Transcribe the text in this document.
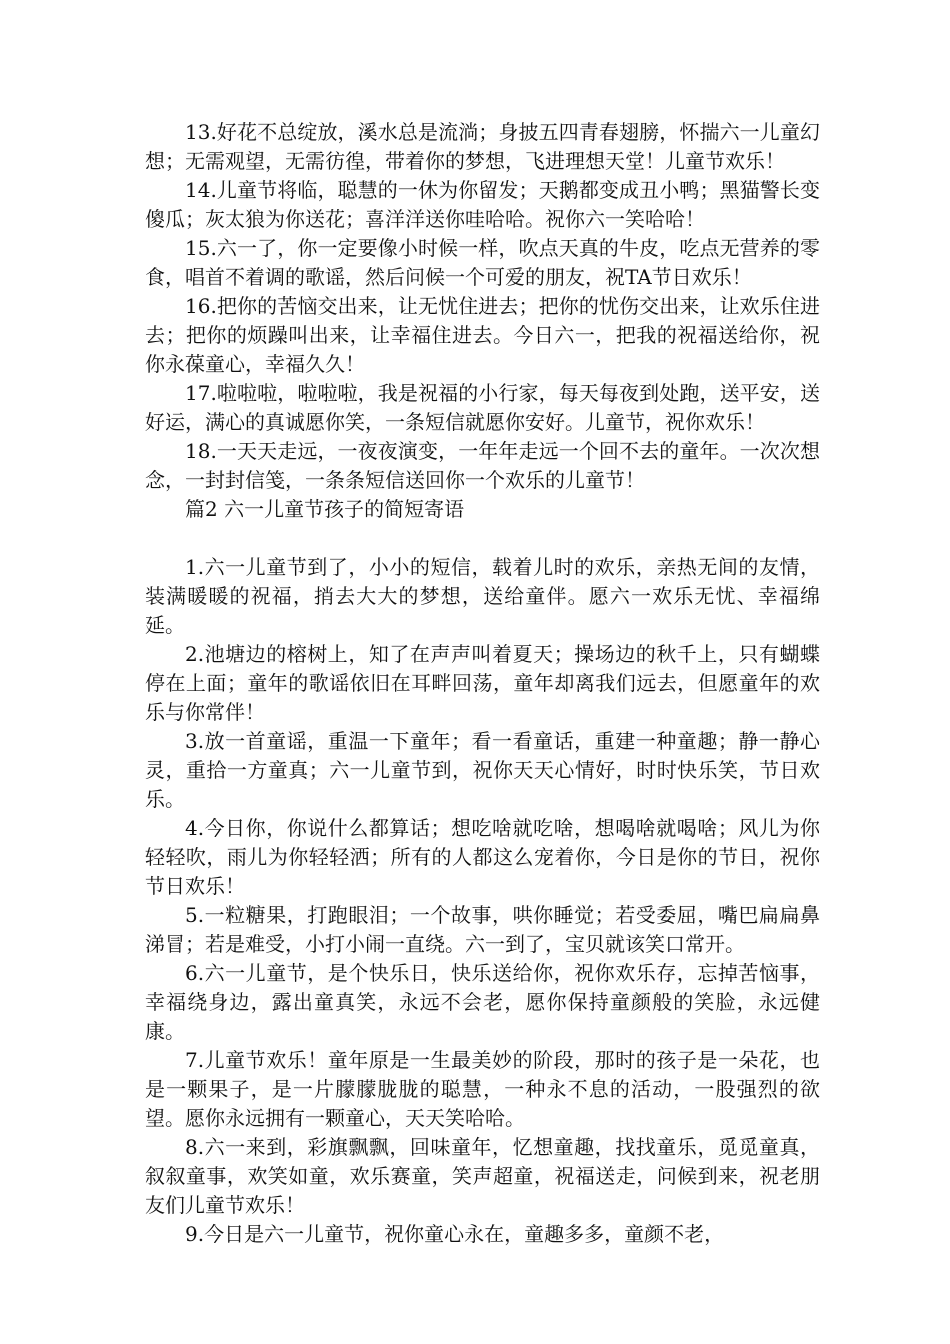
13.好花不总绽放，溪水总是流淌；身披五四青春翅膀，怀揣六一儿童幻想；无需观望，无需彷徨，带着你的梦想，飞进理想天堂！儿童节欢乐！

14.儿童节将临，聪慧的一休为你留发；天鹅都变成丑小鸭；黑猫警长变傻瓜；灰太狼为你送花；喜洋洋送你哇哈哈。祝你六一笑哈哈！

15.六一了，你一定要像小时候一样，吹点天真的牛皮，吃点无营养的零食，唱首不着调的歌谣，然后问候一个可爱的朋友，祝TA节日欢乐！

16.把你的苦恼交出来，让无忧住进去；把你的忧伤交出来，让欢乐住进去；把你的烦躁叫出来，让幸福住进去。今日六一，把我的祝福送给你，祝你永葆童心，幸福久久！

17.啦啦啦，啦啦啦，我是祝福的小行家，每天每夜到处跑，送平安，送好运，满心的真诚愿你笑，一条短信就愿你安好。儿童节，祝你欢乐！

18.一天天走远，一夜夜演变，一年年走远一个回不去的童年。一次次想念，一封封信笺，一条条短信送回你一个欢乐的儿童节！

篇2 六一儿童节孩子的简短寄语

1.六一儿童节到了，小小的短信，载着儿时的欢乐，亲热无间的友情，装满暖暖的祝福，捎去大大的梦想，送给童伴。愿六一欢乐无忧、幸福绵延。

2.池塘边的榕树上，知了在声声叫着夏天；操场边的秋千上，只有蝴蝶停在上面；童年的歌谣依旧在耳畔回荡，童年却离我们远去，但愿童年的欢乐与你常伴！

3.放一首童谣，重温一下童年；看一看童话，重建一种童趣；静一静心灵，重拾一方童真；六一儿童节到，祝你天天心情好，时时快乐笑，节日欢乐。

4.今日你，你说什么都算话；想吃啥就吃啥，想喝啥就喝啥；风儿为你轻轻吹，雨儿为你轻轻洒；所有的人都这么宠着你，今日是你的节日，祝你节日欢乐！

5.一粒糖果，打跑眼泪；一个故事，哄你睡觉；若受委屈，嘴巴扁扁鼻涕冒；若是难受，小打小闹一直绕。六一到了，宝贝就该笑口常开。

6.六一儿童节，是个快乐日，快乐送给你，祝你欢乐存，忘掉苦恼事，幸福绕身边，露出童真笑，永远不会老，愿你保持童颜般的笑脸，永远健康。

7.儿童节欢乐！童年原是一生最美妙的阶段，那时的孩子是一朵花，也是一颗果子，是一片朦朦胧胧的聪慧，一种永不息的活动，一股强烈的欲望。愿你永远拥有一颗童心，天天笑哈哈。

8.六一来到，彩旗飘飘，回味童年，忆想童趣，找找童乐，觅觅童真，叙叙童事，欢笑如童，欢乐赛童，笑声超童，祝福送走，问候到来，祝老朋友们儿童节欢乐！

9.今日是六一儿童节，祝你童心永在，童趣多多，童颜不老，
